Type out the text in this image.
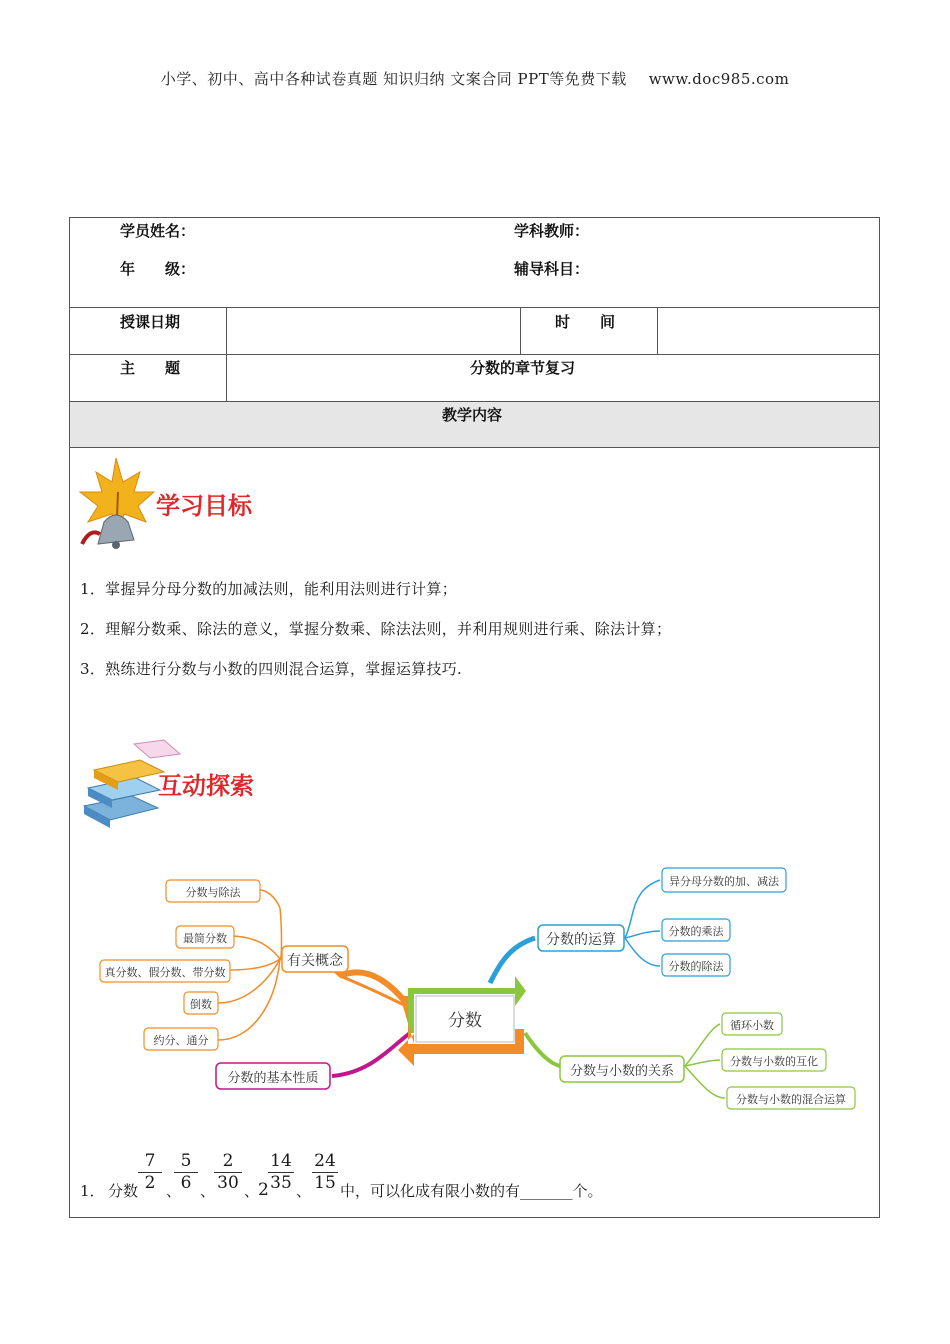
小学、初中、高中各种试卷真题 知识归纳 文案合同 PPT等免费下载 www.doc985.com
学员姓名：	学科教师：
年　　级：	辅导科目：
授课日期	时　　间
主　　题	分数的章节复习
教学内容
学习目标
1．掌握异分母分数的加减法则，能利用法则进行计算；
2．理解分数乘、除法的意义，掌握分数乘、除法法则，并利用规则进行乘、除法计算；
3．熟练进行分数与小数的四则混合运算，掌握运算技巧.
互动探索
分数
有关概念
分数与除法
最简分数
真分数、假分数、带分数
倒数
约分、通分
分数的基本性质
分数的运算
异分母分数的加、减法
分数的乘法
分数的除法
分数与小数的关系
循环小数
分数与小数的互化
分数与小数的混合运算
1． 分数 $\frac{7}{2}$ 、
$\frac{5}{6}$ 、
$\frac{2}{30}$ 、
$2 \frac{14}{35}$ 、 $\frac{24}{15}$ 中，可以化成有限小数的有_______个。
